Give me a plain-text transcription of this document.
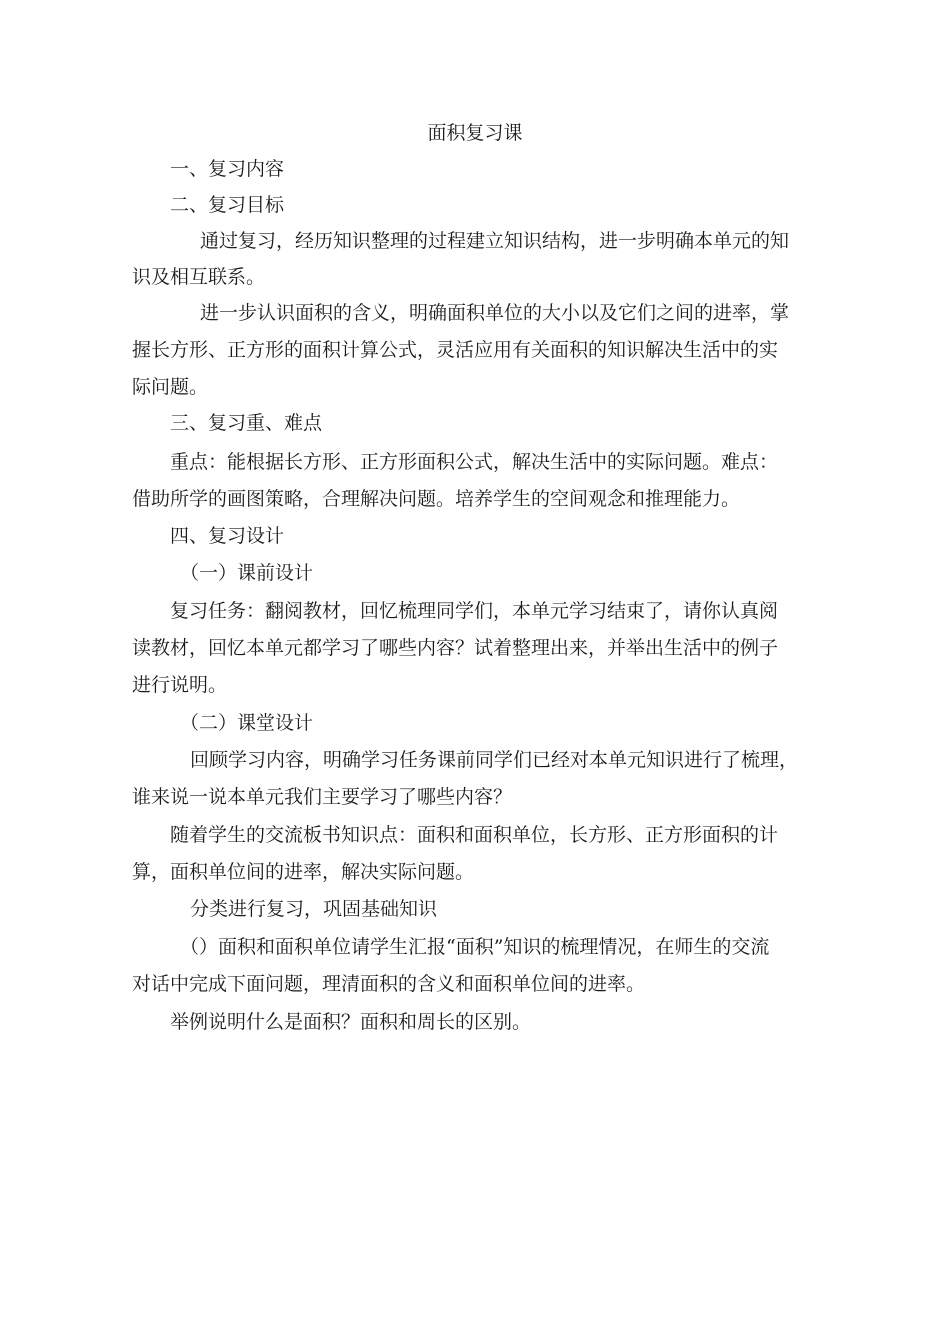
面积复习课
一、复习内容
二、复习目标
通过复习，经历知识整理的过程建立知识结构，进一步明确本单元的知
识及相互联系。
进一步认识面积的含义，明确面积单位的大小以及它们之间的进率，掌
握长方形、正方形的面积计算公式，灵活应用有关面积的知识解决生活中的实
际问题。
三、复习重、难点
重点：能根据长方形、正方形面积公式，解决生活中的实际问题。难点：
借助所学的画图策略，合理解决问题。培养学生的空间观念和推理能力。
四、复习设计
（一）课前设计
复习任务：翻阅教材，回忆梳理同学们，本单元学习结束了，请你认真阅
读教材，回忆本单元都学习了哪些内容？试着整理出来，并举出生活中的例子
进行说明。
（二）课堂设计
回顾学习内容，明确学习任务课前同学们已经对本单元知识进行了梳理，
谁来说一说本单元我们主要学习了哪些内容？
随着学生的交流板书知识点：面积和面积单位，长方形、正方形面积的计
算，面积单位间的进率，解决实际问题。
分类进行复习，巩固基础知识
（）面积和面积单位请学生汇报“面积”知识的梳理情况，在师生的交流
对话中完成下面问题，理清面积的含义和面积单位间的进率。
举例说明什么是面积？面积和周长的区别。
